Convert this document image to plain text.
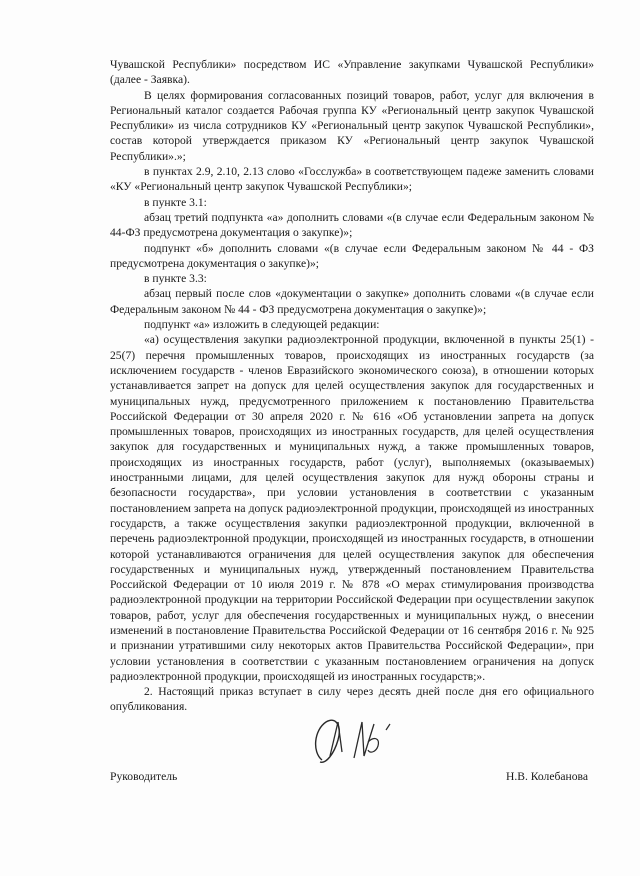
Чувашской Республики» посредством ИС «Управление закупками Чувашской Республики» (далее - Заявка).

В целях формирования согласованных позиций товаров, работ, услуг для включения в Региональный каталог создается Рабочая группа КУ «Региональный центр закупок Чувашской Республики» из числа сотрудников КУ «Региональный центр закупок Чувашской Республики», состав которой утверждается приказом КУ «Региональный центр закупок Чувашской Республики».»;

в пунктах 2.9, 2.10, 2.13 слово «Госслужба» в соответствующем падеже заменить словами «КУ «Региональный центр закупок Чувашской Республики»;

в пункте 3.1:

абзац третий подпункта «а» дополнить словами «(в случае если Федеральным законом № 44-ФЗ предусмотрена документация о закупке)»;

подпункт «б» дополнить словами «(в случае если Федеральным законом № 44 - ФЗ предусмотрена документация о закупке)»;

в пункте 3.3:

абзац первый после слов «документации о закупке» дополнить словами «(в случае если Федеральным законом № 44 - ФЗ предусмотрена документация о закупке)»;

подпункт «а» изложить в следующей редакции:

«а) осуществления закупки радиоэлектронной продукции, включенной в пункты 25(1) - 25(7) перечня промышленных товаров, происходящих из иностранных государств (за исключением государств - членов Евразийского экономического союза), в отношении которых устанавливается запрет на допуск для целей осуществления закупок для государственных и муниципальных нужд, предусмотренного приложением к постановлению Правительства Российской Федерации от 30 апреля 2020 г. № 616 «Об установлении запрета на допуск промышленных товаров, происходящих из иностранных государств, для целей осуществления закупок для государственных и муниципальных нужд, а также промышленных товаров, происходящих из иностранных государств, работ (услуг), выполняемых (оказываемых) иностранными лицами, для целей осуществления закупок для нужд обороны страны и безопасности государства», при условии установления в соответствии с указанным постановлением запрета на допуск радиоэлектронной продукции, происходящей из иностранных государств, а также осуществления закупки радиоэлектронной продукции, включенной в перечень радиоэлектронной продукции, происходящей из иностранных государств, в отношении которой устанавливаются ограничения для целей осуществления закупок для обеспечения государственных и муниципальных нужд, утвержденный постановлением Правительства Российской Федерации от 10 июля 2019 г. № 878 «О мерах стимулирования производства радиоэлектронной продукции на территории Российской Федерации при осуществлении закупок товаров, работ, услуг для обеспечения государственных и муниципальных нужд, о внесении изменений в постановление Правительства Российской Федерации от 16 сентября 2016 г. № 925 и признании утратившими силу некоторых актов Правительства Российской Федерации», при условии установления в соответствии с указанным постановлением ограничения на допуск радиоэлектронной продукции, происходящей из иностранных государств;».

2. Настоящий приказ вступает в силу через десять дней после дня его официального опубликования.

Руководитель	Н.В. Колебанова
